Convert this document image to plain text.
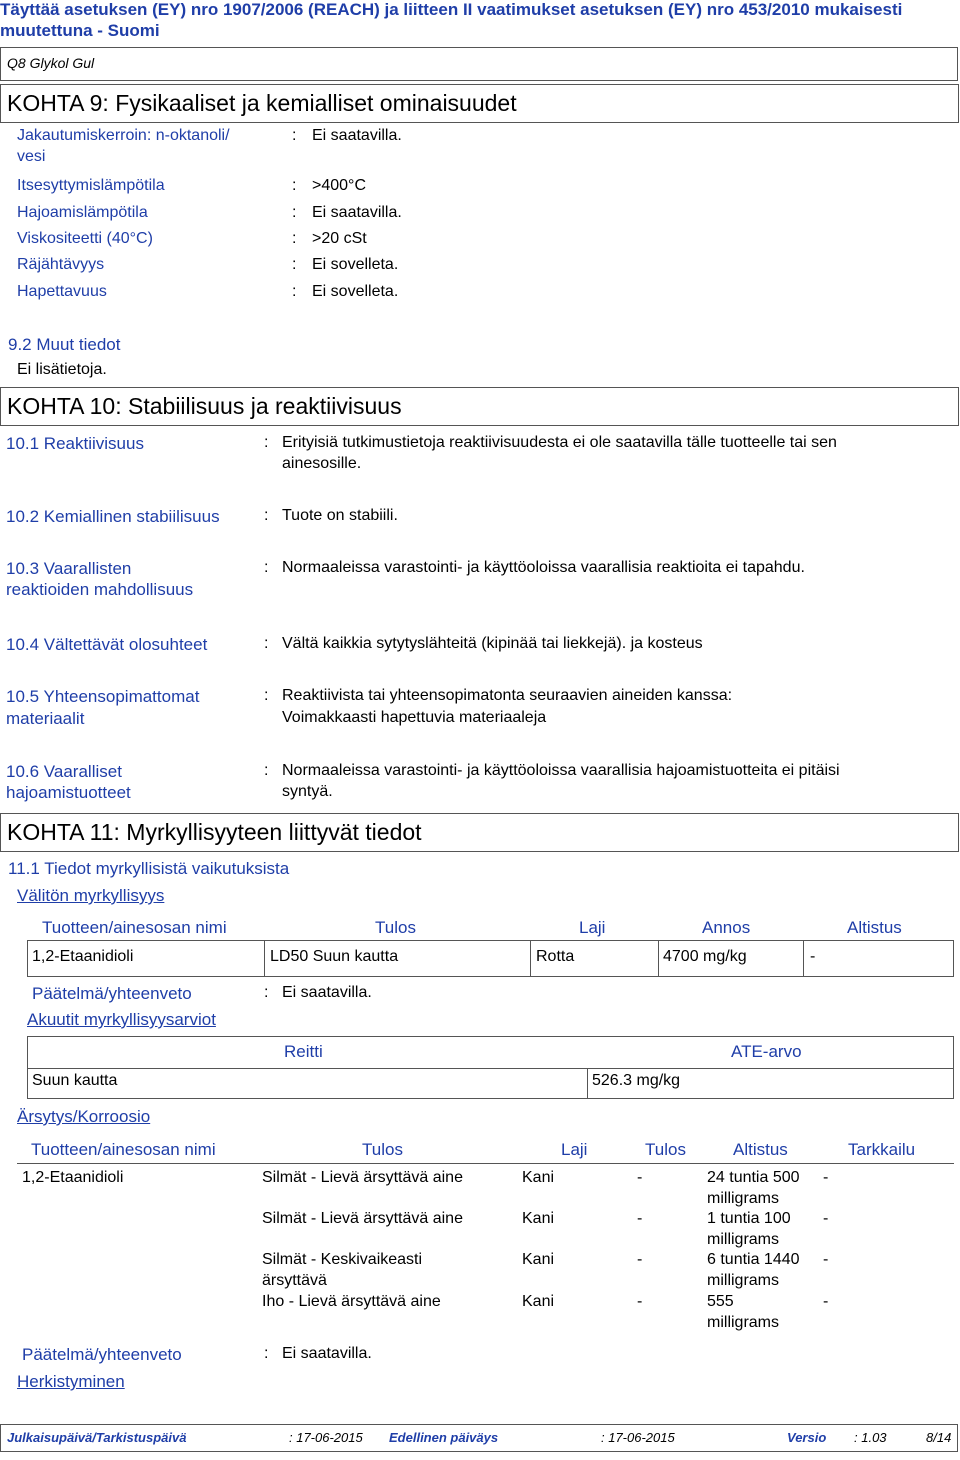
Täyttää asetuksen (EY) nro 1907/2006 (REACH) ja liitteen II vaatimukset asetuksen (EY) nro 453/2010 mukaisesti
muutettuna - Suomi
Q8 Glykol Gul
KOHTA 9: Fysikaaliset ja kemialliset ominaisuudet
Jakautumiskerroin: n-oktanoli/
vesi
: Ei saatavilla.
Itsesyttymislämpötila	: >400°C
Hajoamislämpötila	: Ei saatavilla.
Viskositeetti (40°C)	: >20 cSt
Räjähtävyys	: Ei sovelleta.
Hapettavuus	: Ei sovelleta.
9.2 Muut tiedot
Ei lisätietoja.
KOHTA 10: Stabiilisuus ja reaktiivisuus
10.1 Reaktiivisuus	: Erityisiä tutkimustietoja reaktiivisuudesta ei ole saatavilla tälle tuotteelle tai sen
ainesosille.
10.2 Kemiallinen stabiilisuus	: Tuote on stabiili.
10.3 Vaarallisten
reaktioiden mahdollisuus
: Normaaleissa varastointi- ja käyttöoloissa vaarallisia reaktioita ei tapahdu.
10.4 Vältettävät olosuhteet	: Vältä kaikkia sytytyslähteitä (kipinää tai liekkejä). ja kosteus
10.5 Yhteensopimattomat
materiaalit
: Reaktiivista tai yhteensopimatonta seuraavien aineiden kanssa:
Voimakkaasti hapettuvia materiaaleja
10.6 Vaaralliset
hajoamistuotteet
: Normaaleissa varastointi- ja käyttöoloissa vaarallisia hajoamistuotteita ei pitäisi
syntyä.
KOHTA 11: Myrkyllisyyteen liittyvät tiedot
11.1 Tiedot myrkyllisistä vaikutuksista
Välitön myrkyllisyys
Tuotteen/ainesosan nimi	Tulos	Laji	Annos	Altistus
1,2-Etaanidioli	LD50 Suun kautta	Rotta	4700 mg/kg	-
Päätelmä/yhteenveto	: Ei saatavilla.
Akuutit myrkyllisyysarviot
Reitti	ATE-arvo
Suun kautta	526.3 mg/kg
Ärsytys/Korroosio
Tuotteen/ainesosan nimi	Tulos	Laji	Tulos	Altistus	Tarkkailu
1,2-Etaanidioli	Silmät - Lievä ärsyttävä aine	Kani	-	24 tuntia 500
milligrams
-
Silmät - Lievä ärsyttävä aine	Kani	-	1 tuntia 100
milligrams
-
Silmät - Keskivaikeasti
ärsyttävä
Kani	-	6 tuntia 1440
milligrams
-
Iho - Lievä ärsyttävä aine	Kani	-	555
milligrams
-
Päätelmä/yhteenveto	: Ei saatavilla.
Herkistyminen
Julkaisupäivä/Tarkistuspäivä	: 17-06-2015 Edellinen päiväys	: 17-06-2015	Versio : 1.03	8/14
